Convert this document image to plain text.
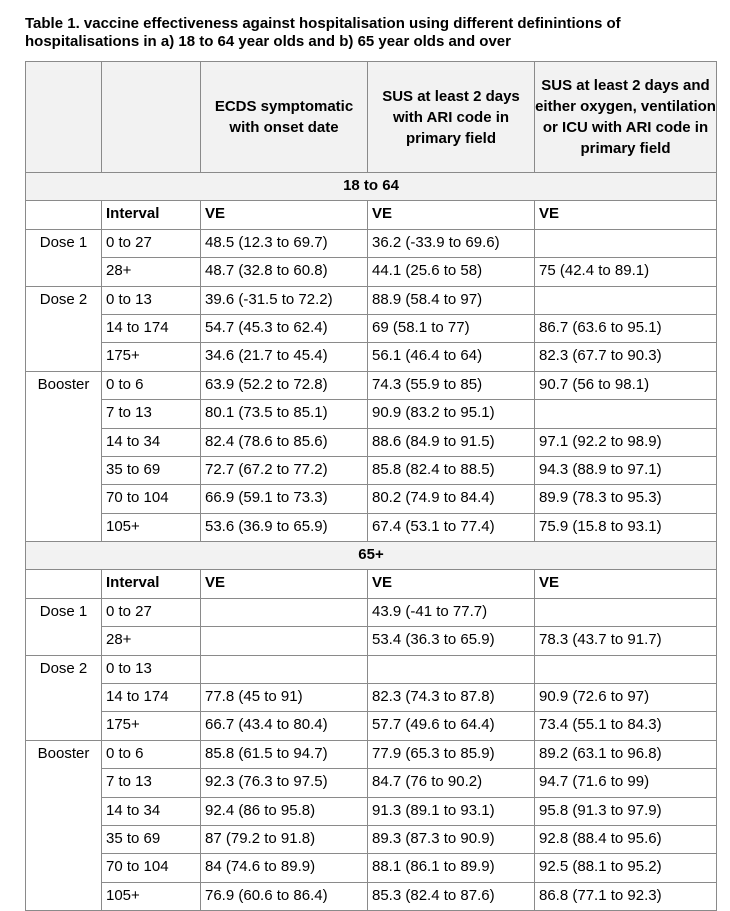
Table 1. vaccine effectiveness against hospitalisation using different definintions of hospitalisations in a) 18 to 64 year olds and b) 65 year olds and over
		ECDS symptomatic with onset date	SUS at least 2 days with ARI code in primary field	SUS at least 2 days and either oxygen, ventilation or ICU with ARI code in primary field
18 to 64				
	Interval	VE	VE	VE
Dose 1	0 to 27	48.5 (12.3 to 69.7)	36.2 (-33.9 to 69.6)	
	28+	48.7 (32.8 to 60.8)	44.1 (25.6 to 58)	75 (42.4 to 89.1)
Dose 2	0 to 13	39.6 (-31.5 to 72.2)	88.9 (58.4 to 97)	
	14 to 174	54.7 (45.3 to 62.4)	69 (58.1 to 77)	86.7 (63.6 to 95.1)
	175+	34.6 (21.7 to 45.4)	56.1 (46.4 to 64)	82.3 (67.7 to 90.3)
Booster	0 to 6	63.9 (52.2 to 72.8)	74.3 (55.9 to 85)	90.7 (56 to 98.1)
	7 to 13	80.1 (73.5 to 85.1)	90.9 (83.2 to 95.1)	
	14 to 34	82.4 (78.6 to 85.6)	88.6 (84.9 to 91.5)	97.1 (92.2 to 98.9)
	35 to 69	72.7 (67.2 to 77.2)	85.8 (82.4 to 88.5)	94.3 (88.9 to 97.1)
	70 to 104	66.9 (59.1 to 73.3)	80.2 (74.9 to 84.4)	89.9 (78.3 to 95.3)
	105+	53.6 (36.9 to 65.9)	67.4 (53.1 to 77.4)	75.9 (15.8 to 93.1)
65+				
	Interval	VE	VE	VE
Dose 1	0 to 27		43.9 (-41 to 77.7)	
	28+		53.4 (36.3 to 65.9)	78.3 (43.7 to 91.7)
Dose 2	0 to 13			
	14 to 174	77.8 (45 to 91)	82.3 (74.3 to 87.8)	90.9 (72.6 to 97)
	175+	66.7 (43.4 to 80.4)	57.7 (49.6 to 64.4)	73.4 (55.1 to 84.3)
Booster	0 to 6	85.8 (61.5 to 94.7)	77.9 (65.3 to 85.9)	89.2 (63.1 to 96.8)
	7 to 13	92.3 (76.3 to 97.5)	84.7 (76 to 90.2)	94.7 (71.6 to 99)
	14 to 34	92.4 (86 to 95.8)	91.3 (89.1 to 93.1)	95.8 (91.3 to 97.9)
	35 to 69	87 (79.2 to 91.8)	89.3 (87.3 to 90.9)	92.8 (88.4 to 95.6)
	70 to 104	84 (74.6 to 89.9)	88.1 (86.1 to 89.9)	92.5 (88.1 to 95.2)
	105+	76.9 (60.6 to 86.4)	85.3 (82.4 to 87.6)	86.8 (77.1 to 92.3)
